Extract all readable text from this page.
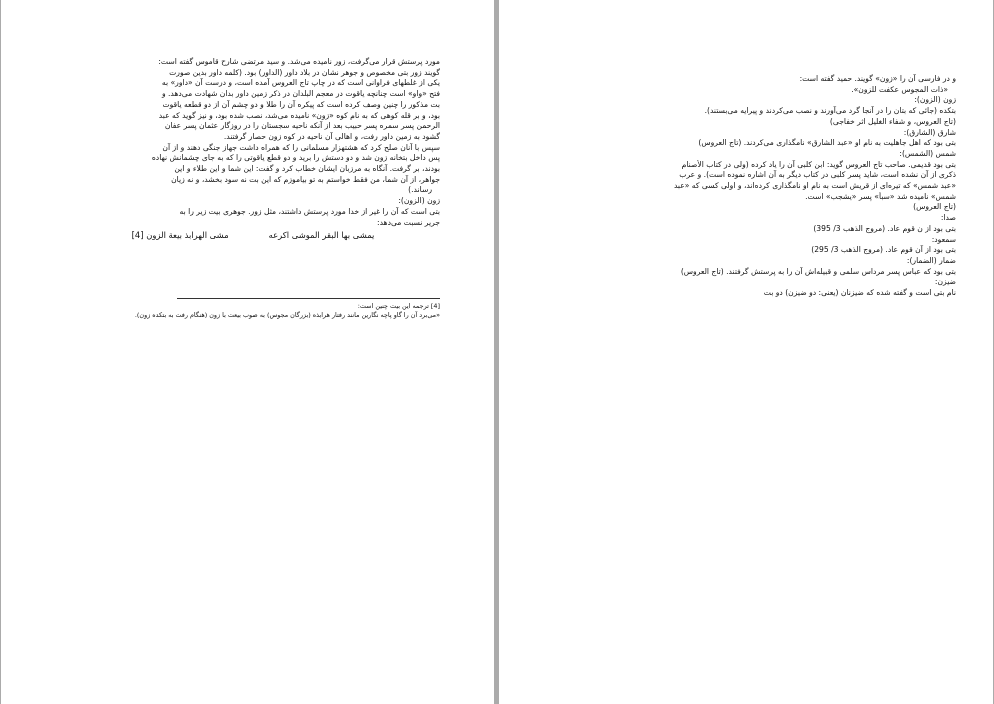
مورد پرستش قرار می‌گرفت، زور نامیده می‌شد. و سید مرتضی شارح قاموس گفته است:
گویند زور بتی مخصوص و جوهر نشان در بلاد داور (الداور) بود. (کلمه داور بدین صورت
یکی از غلطهای فراوانی است که در چاپ تاج العروس آمده است، و درست آن «داور» به
فتح «واو» است چنانچه یاقوت در معجم البلدان در ذکر زمین داور بدان شهادت می‌دهد. و
بت مذکور را چنین وصف کرده است که پیکره آن را طلا و دو چشم آن از دو قطعه یاقوت
بود، و بر قله کوهی که به نام کوه «زون» نامیده می‌شد، نصب شده بود، و نیز گوید که عبد
الرحمن پسر سمره پسر حبیب بعد از آنکه ناحیه سجستان را در روزگار عثمان پسر عفان
گشود به زمین داور رفت، و اهالی آن ناحیه در کوه زون حصار گرفتند.
سپس با آنان صلح کرد که هشتهزار مسلمانی را که همراه داشت جهاز جنگی دهند و از آن
پس داخل بتخانه زون شد و دو دستش را برید و دو قطع یاقوتی را که به جای چشمانش نهاده
بودند، بر گرفت. آنگاه به مرزبان ایشان خطاب کرد و گفت: این شما و این طلاء و این
جواهر، از آن شما، من فقط خواستم به تو بیاموزم که این بت نه سود بخشد، و نه زیان
رساند.)
زون (الزون):
بتی است که آن را غیر از خدا مورد پرستش داشتند، مثل زور. جوهری بیت زیر را به
جریر نسبت می‌دهد:
یمشی بها البقر الموشی اکرعه
مشی الهرابذ بیعة الزون [4]
[4] ترجمه این بیت چنین است:
«می‌برد آن را گاو پاچه نگارین مانند رفتار هرابذه (بزرگان مجوس) به صوب بیعت با زون (هنگام رفت به بتکده زون).
و در فارسی آن را «زون» گویند. حمید گفته است:
«ذات المجوس عکفت للزون».
زون (الزون):
بتکده (جائی که بتان را در آنجا گرد می‌آورند و نصب می‌کردند و پیرایه می‌بستند).
(تاج العروس، و شفاء الغلیل اثر خفاجی)
شارق (الشارق):
بتی بود که اهل جاهلیت به نام او «عبد الشارق» نامگذاری می‌کردند. (تاج العروس)
شمس (الشمس):
بتی بود قدیمی. صاحب تاج العروس گوید: ابن کلبی آن را یاد کرده (ولی در کتاب الأصنام
ذکری از آن نشده است، شاید پسر کلبی در کتاب دیگر به آن اشاره نموده است). و عرب
«عبد شمس» که تیره‌ای از قریش است به نام او نامگذاری کرده‌اند، و اولی کسی که «عبد
شمس» نامیده شد «سبأ» پسر «یشجب» است.
(تاج العروس)
صدا:
بتی بود از ن قوم عاد. (مروج الذهب 3/ 395)
سمعود:
بتی بود از آن قوم عاد. (مروج الذهب 3/ 295)
ضمار (الضمار):
بتی بود که عباس پسر مرداس سلمی و قبیله‌اش آن را به پرستش گرفتند. (تاج العروس)
ضیزن:
نام بتی است و گفته شده که ضیزنان (یعنی: دو ضیزن) دو بت
